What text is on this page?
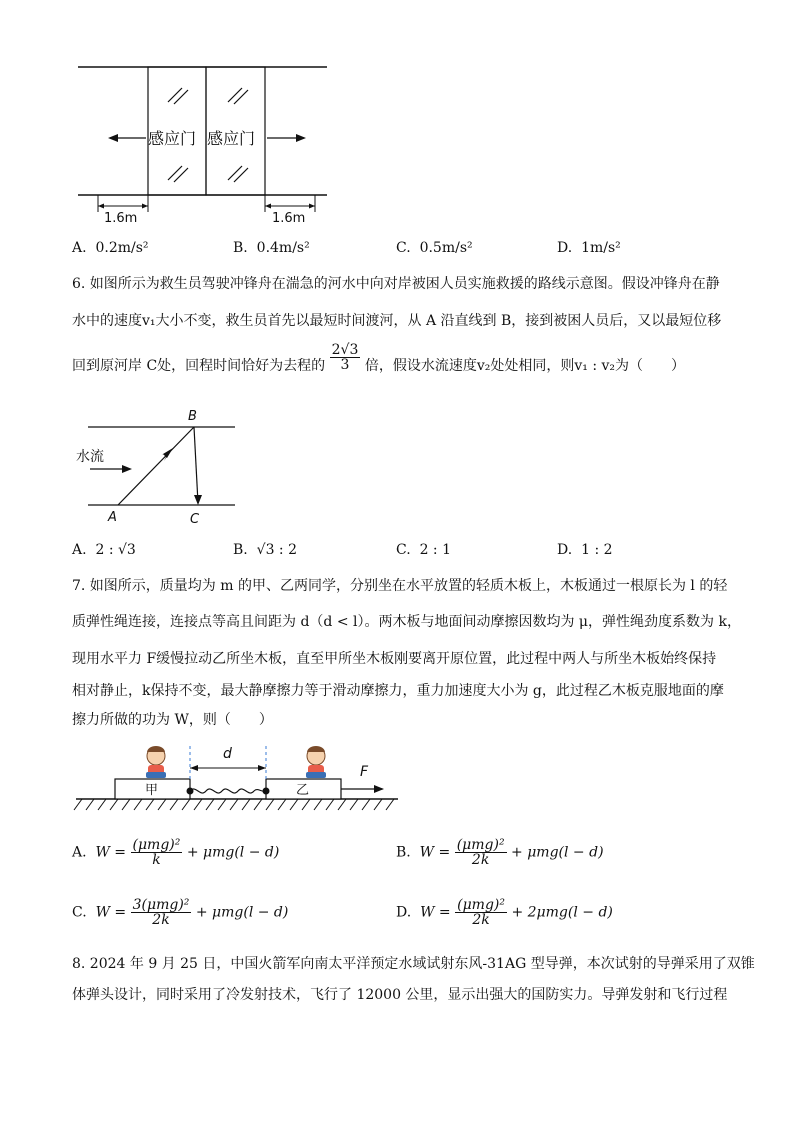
感应门 感应门
1.6m	1.6m
A. 0.2m/s²	B. 0.4m/s²	C. 0.5m/s²	D. 1m/s²
6. 如图所示为救生员驾驶冲锋舟在湍急的河水中向对岸被困人员实施救援的路线示意图。假设冲锋舟在静
水中的速度v₁大小不变，救生员首先以最短时间渡河，从 A 沿直线到 B，接到被困人员后，又以最短位移
回到原河岸 C处，回程时间恰好为去程的 $\frac{2√3}{3}$ 倍，假设水流速度v₂处处相同，则v₁ : v₂为（　　）
水流
B
A	C
A. 2 : √3	B. √3 : 2	C. 2 : 1	D. 1 : 2
7. 如图所示，质量均为 m 的甲、乙两同学，分别坐在水平放置的轻质木板上，木板通过一根原长为 l 的轻
质弹性绳连接，连接点等高且间距为 d（d < l）。两木板与地面间动摩擦因数均为 μ，弹性绳劲度系数为 k，
现用水平力 F缓慢拉动乙所坐木板，直至甲所坐木板刚要离开原位置，此过程中两人与所坐木板始终保持
相对静止，k保持不变，最大静摩擦力等于滑动摩擦力，重力加速度大小为 g，此过程乙木板克服地面的摩
擦力所做的功为 W，则（　　）
甲	乙
d
F
A. $W = \frac{\text{(μmg)²}}{k} + \mu mg(l - d)$	B. $W = \frac{\text{(μmg)²}}{2k} + \mu mg(l - d)$
C. $W = \frac{\text{3(μmg)²}}{2k} + \mu mg(l - d)$	D. $W = \frac{\text{(μmg)²}}{2k} + 2\mu mg(l - d)$
8. 2024 年 9 月 25 日，中国火箭军向南太平洋预定水域试射东风-31AG 型导弹，本次试射的导弹采用了双锥
体弹头设计，同时采用了冷发射技术，飞行了 12000 公里，显示出强大的国防实力。导弹发射和飞行过程
